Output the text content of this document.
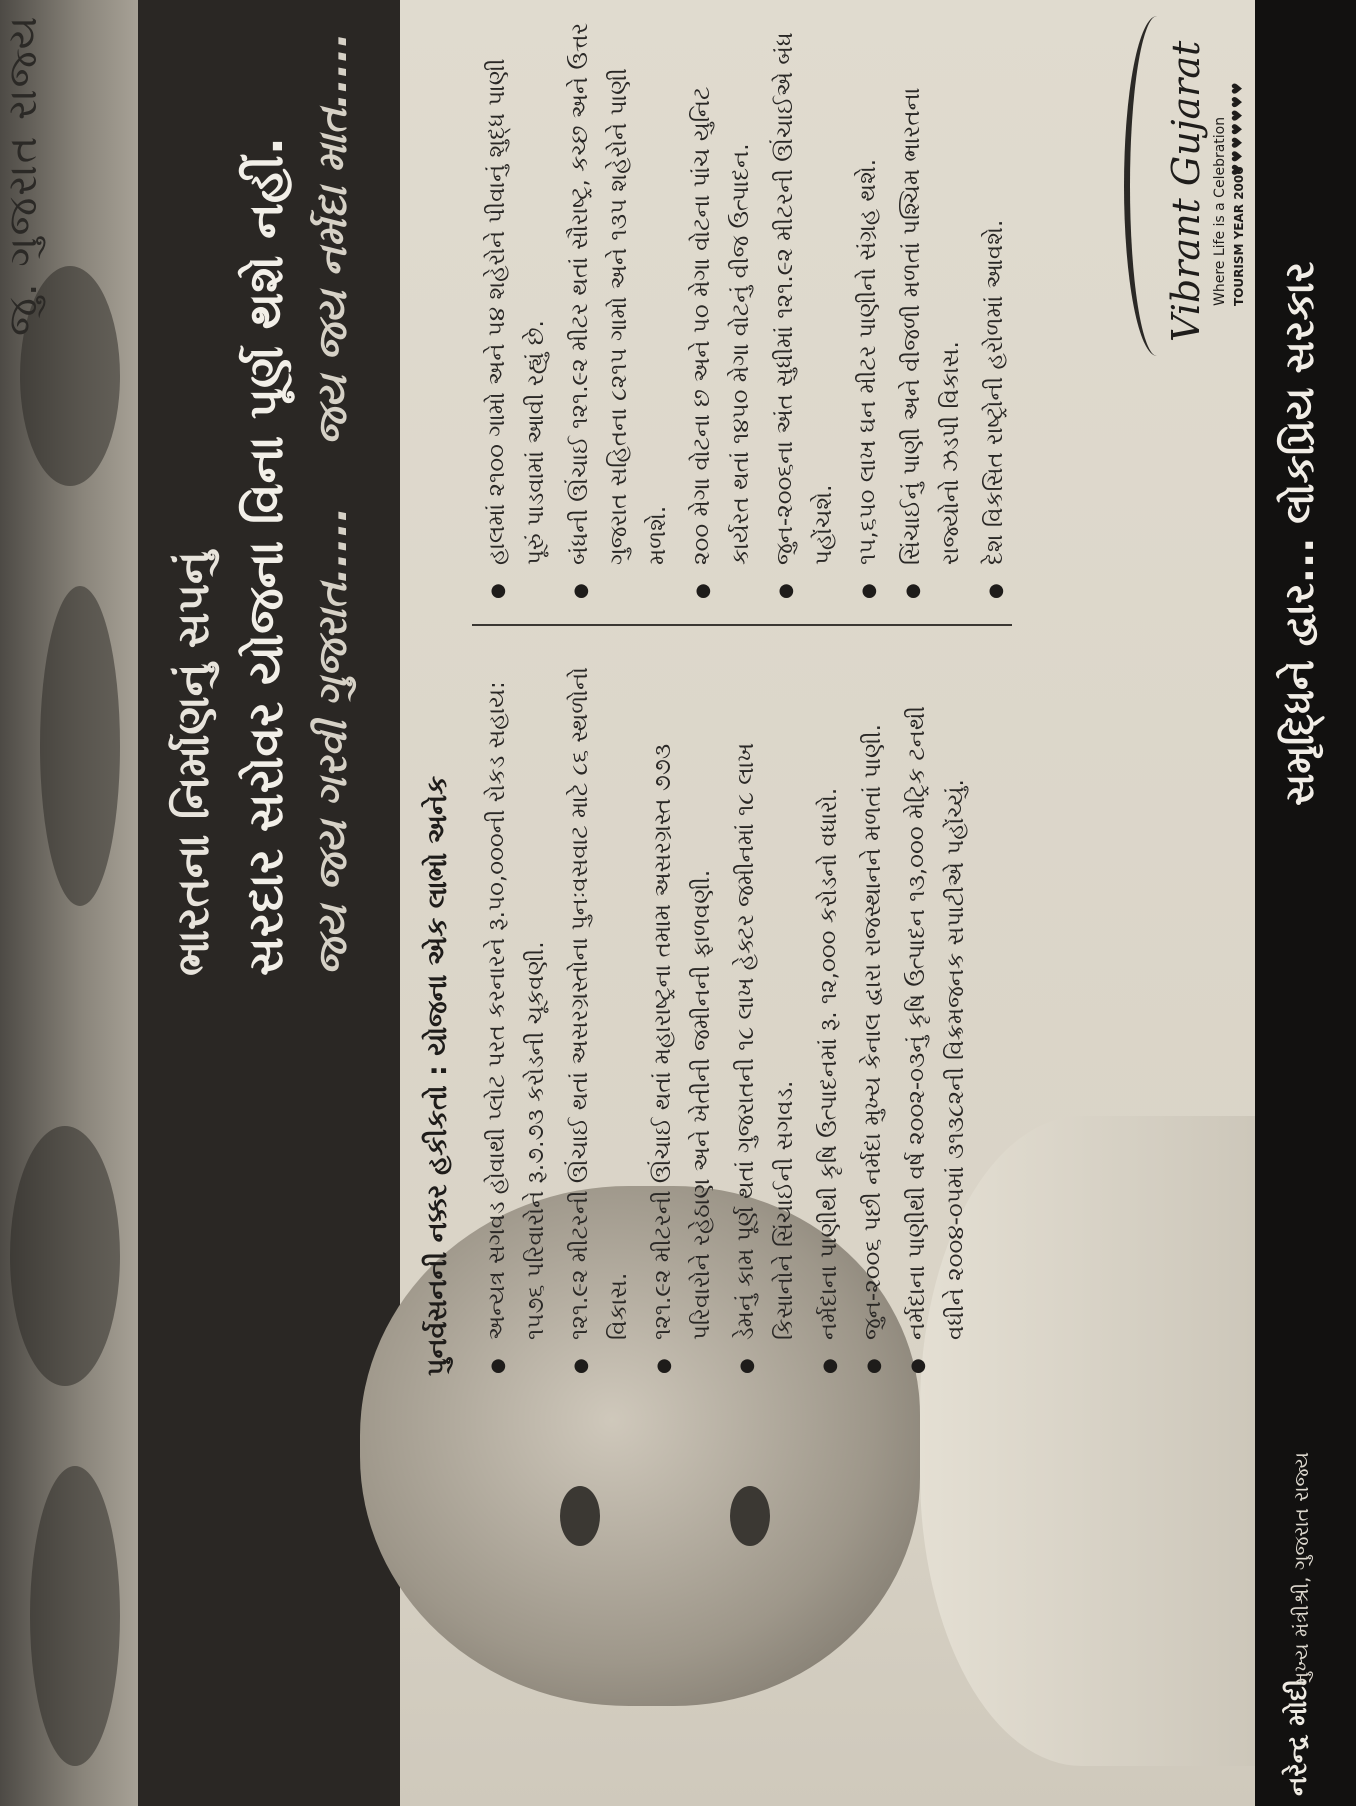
જુ. ગુજરાત રાજ્ય
ભારતના નિર્માણનું સપનું સરદાર સરોવર યોજના વિના પૂર્ણ થશે નહીં. જય જય ગરવી ગુજરાત.....
જય જય નર્મદા માત.....
પુનર્વસનની નક્કર હકીકતો : યોજના એક લાભો અનેક ● અન્યત્ર સગવડ હોવાથી પ્લોટ પરત કરનારને રૂ.૫૦,૦૦૦ની રોકડ સહાય: ૧૫૭૬ પરિવારોને રૂ.૭.૭૩ કરોડની ચૂકવણી. ● ૧૨૧.૯૨ મીટરની ઊંચાઈ થતાં અસરગ્રસ્તોના પુનઃવસવાટ માટે ૮૬ સ્થળોનો વિકાસ. ● ૧૨૧.૯૨ મીટરની ઊંચાઈ થતાં મહારાષ્ટ્રના તમામ અસરગ્રસ્ત ૭૭૩ પરિવારોને રહેઠાણ અને ખેતીની જમીનની ફાળવણી. ● ડેમનું કામ પૂર્ણ થતાં ગુજરાતની ૧૮ લાખ હેક્ટર જમીનમાં ૧૮ લાખ કિસાનોને સિંચાઈની સગવડ. ● નર્મદાના પાણીથી કૃષિ ઉત્પાદનમાં રૂ. ૧૨,૦૦૦ કરોડનો વધારો. ● જુન-૨૦૦૬ પછી નર્મદા મુખ્ય કેનાલ દ્વારા રાજસ્થાનને મળતાં પાણી. ● નર્મદાના પાણીથી વર્ષ ૨૦૦૨-૦૩નું કૃષિ ઉત્પાદન ૧૩,૦૦૦ મેટ્રિક ટનથી વધીને ૨૦૦૪-૦૫માં ૩૧૩૮૨ની વિક્રમજનક સપાટીએ પહોંચ્યું.
● હાલમાં ૨૧૦૦ ગામો અને ૫૪ શહેરોને પીવાનું શુદ્ધ પાણી પૂરું પાડવામાં આવી રહ્યું છે. ● બંધની ઊંચાઈ ૧૨૧.૯૨ મીટર થતાં સૌરાષ્ટ્ર, કચ્છ અને ઉત્તર ગુજરાત સહિતના ૮૨૧૫ ગામો અને ૧૩૫ શહેરોને પાણી મળશે. ● ૨૦૦ મેગા વોટના છ અને ૫૦ મેગા વોટના પાંચ યુનિટ કાર્યરત થતાં ૧૪૫૦ મેગા વોટનું વીજ ઉત્પાદન. ● જુન-૨૦૦૬ના અંત સુધીમાં ૧૨૧.૯૨ મીટરની ઊંચાઈએ બંધ પહોંચશે. ● ૧૫,૬૫૦ લાખ ઘન મીટર પાણીનો સંગ્રહ થશે. ● સિંચાઈનું પાણી અને વીજળી મળતાં પશ્ચિમ ભારતના રાજ્યોનો ઝડપી વિકાસ. ● દેશ વિકસિત રાષ્ટ્રોની હરોળમાં આવશે.
Vibrant Gujarat Where Life is a Celebration TOURISM YEAR 2006
♥♥♥♥♥♥♥
નરેન્દ્ર મોદી
મુખ્ય મંત્રીશ્રી, ગુજરાત રાજ્ય
સમૃદ્ધિને દ્વાર... લોકપ્રિય સરકાર
